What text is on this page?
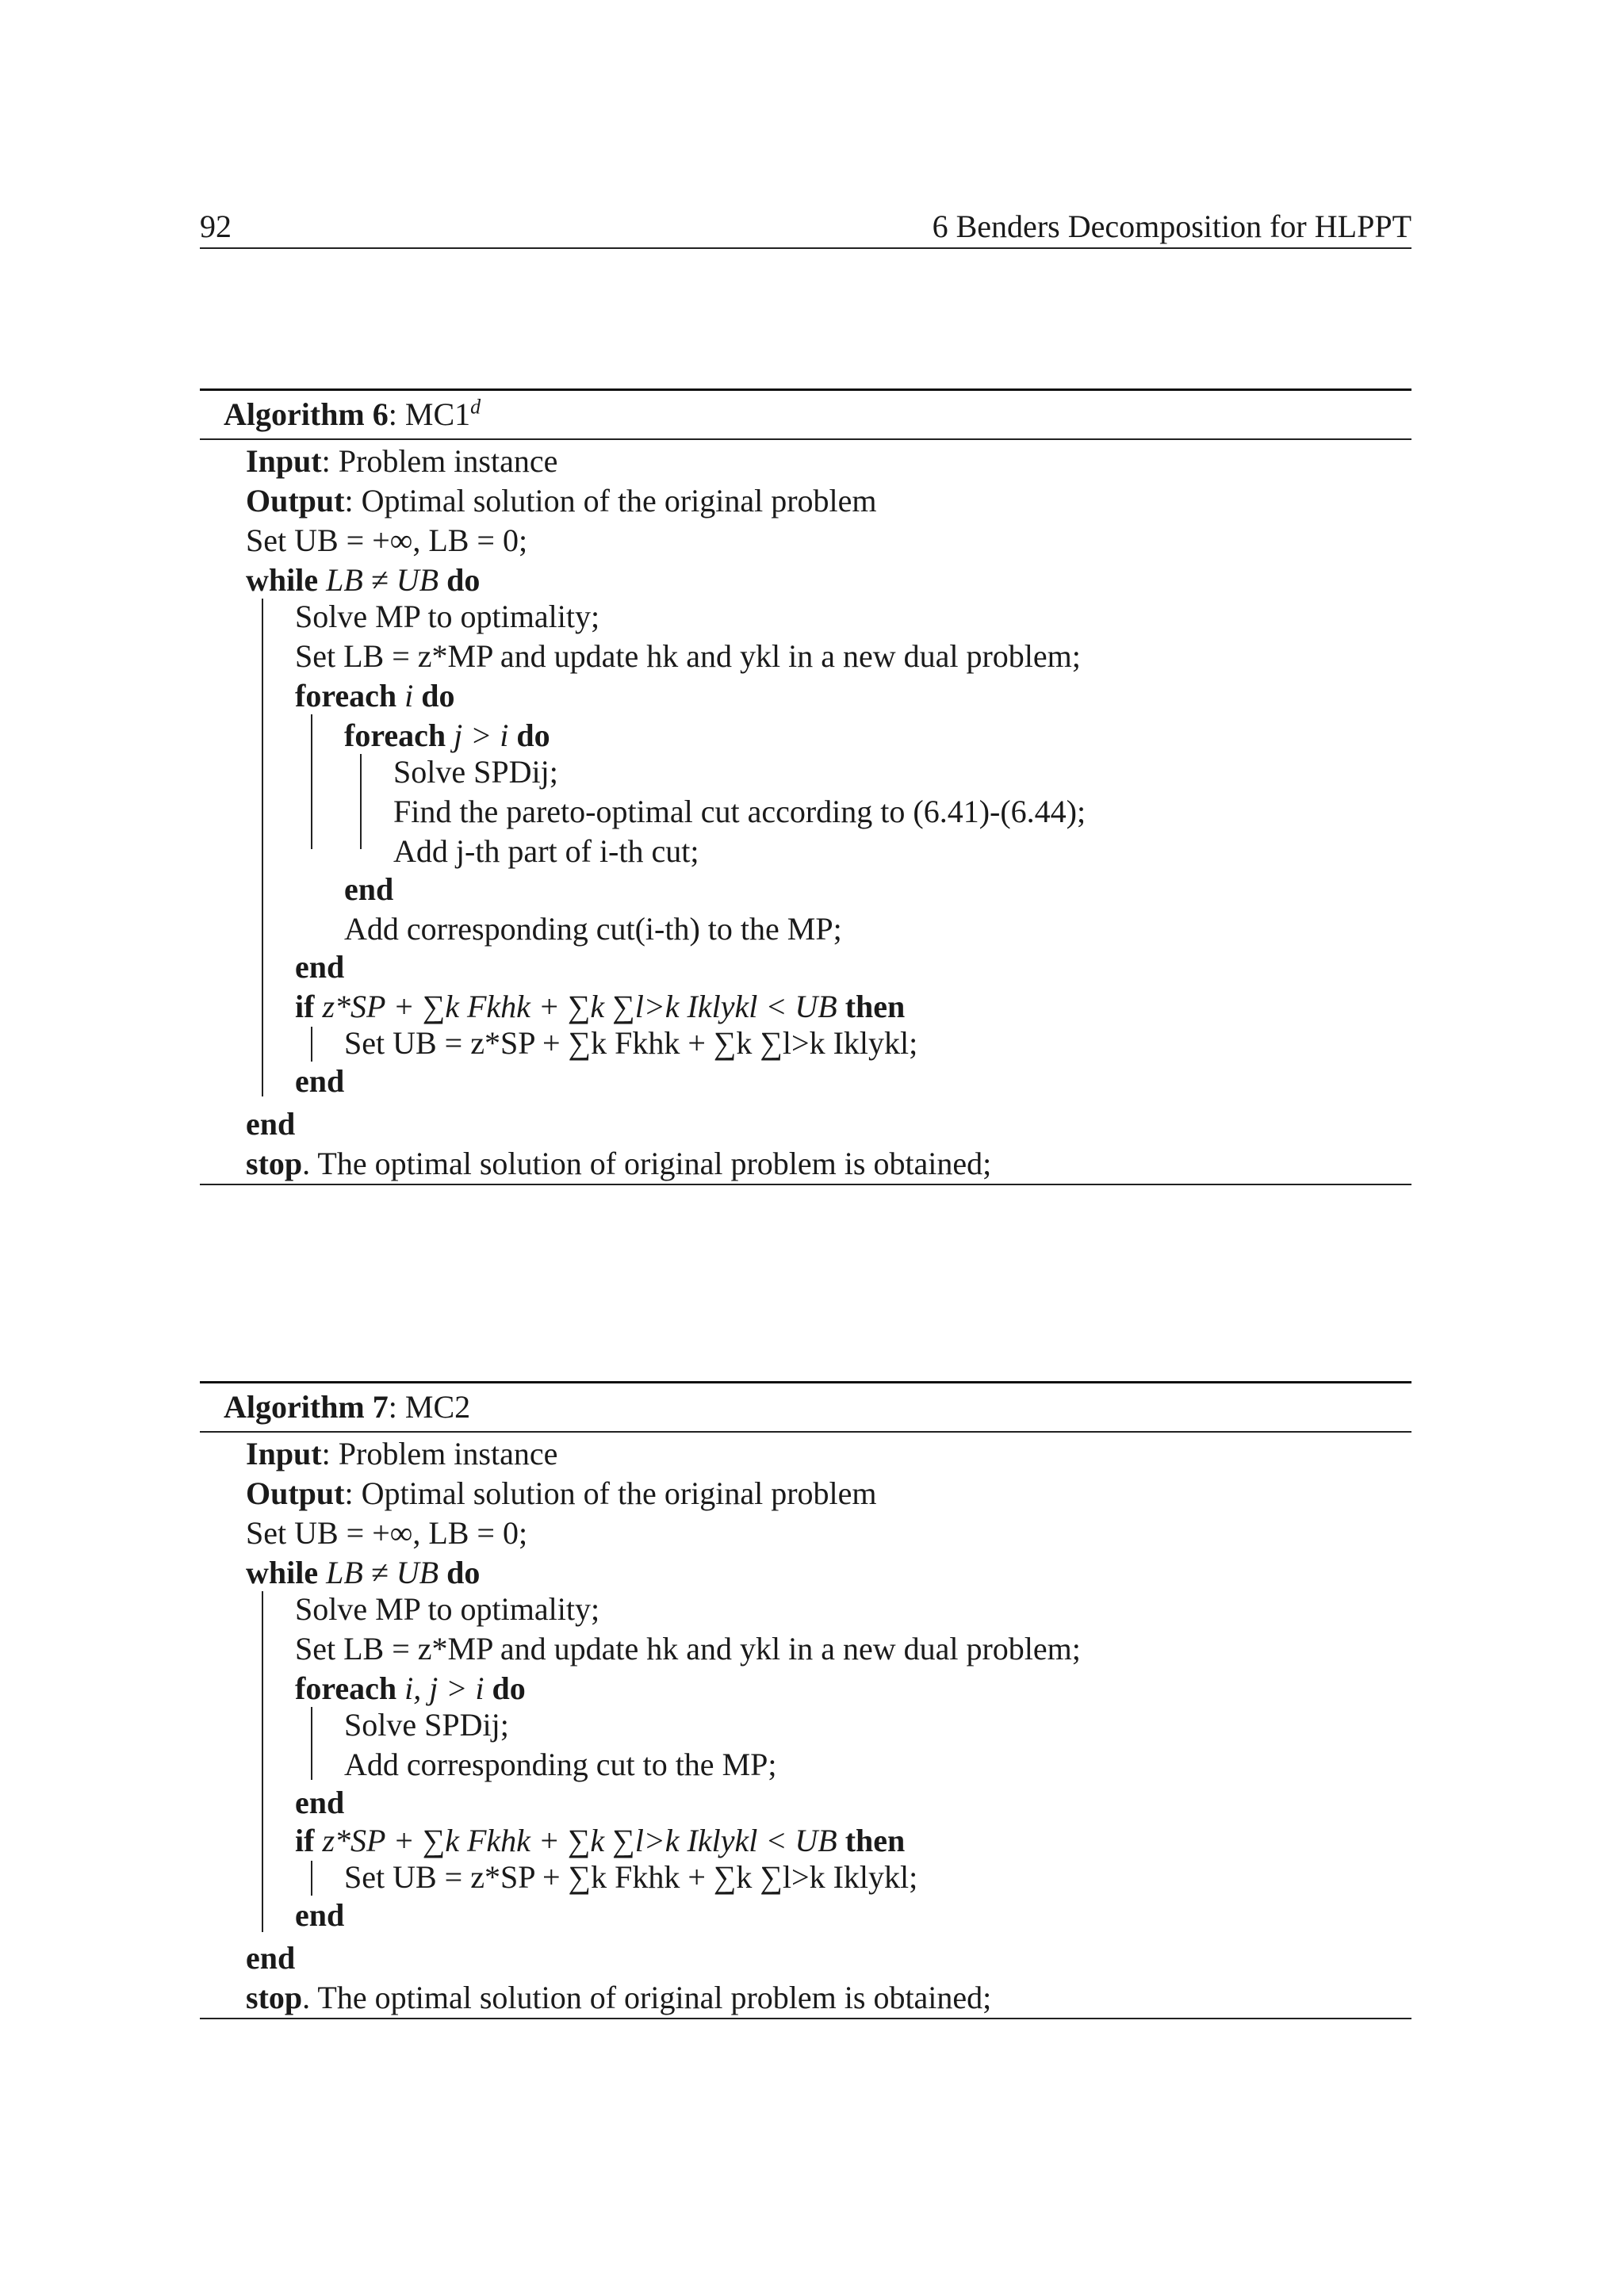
92	6 Benders Decomposition for HLPPT
Algorithm 6: MC1$^d$
Input: Problem instance
Output: Optimal solution of the original problem
Set UB = +∞, LB = 0;
while LB ≠ UB do
Solve MP to optimality;
Set LB = z*MP and update hk and ykl in a new dual problem;
foreach i do
foreach j > i do
Solve SPDij;
Find the pareto-optimal cut according to (6.41)-(6.44);
Add j-th part of i-th cut;
end
Add corresponding cut(i-th) to the MP;
end
if z*SP + ∑k Fkhk + ∑k ∑l>k Iklykl < UB then
Set UB = z*SP + ∑k Fkhk + ∑k ∑l>k Iklykl;
end
end
stop. The optimal solution of original problem is obtained;
Algorithm 7: MC2
Input: Problem instance
Output: Optimal solution of the original problem
Set UB = +∞, LB = 0;
while LB ≠ UB do
Solve MP to optimality;
Set LB = z*MP and update hk and ykl in a new dual problem;
foreach i, j > i do
Solve SPDij;
Add corresponding cut to the MP;
end
if z*SP + ∑k Fkhk + ∑k ∑l>k Iklykl < UB then
Set UB = z*SP + ∑k Fkhk + ∑k ∑l>k Iklykl;
end
end
stop. The optimal solution of original problem is obtained;
